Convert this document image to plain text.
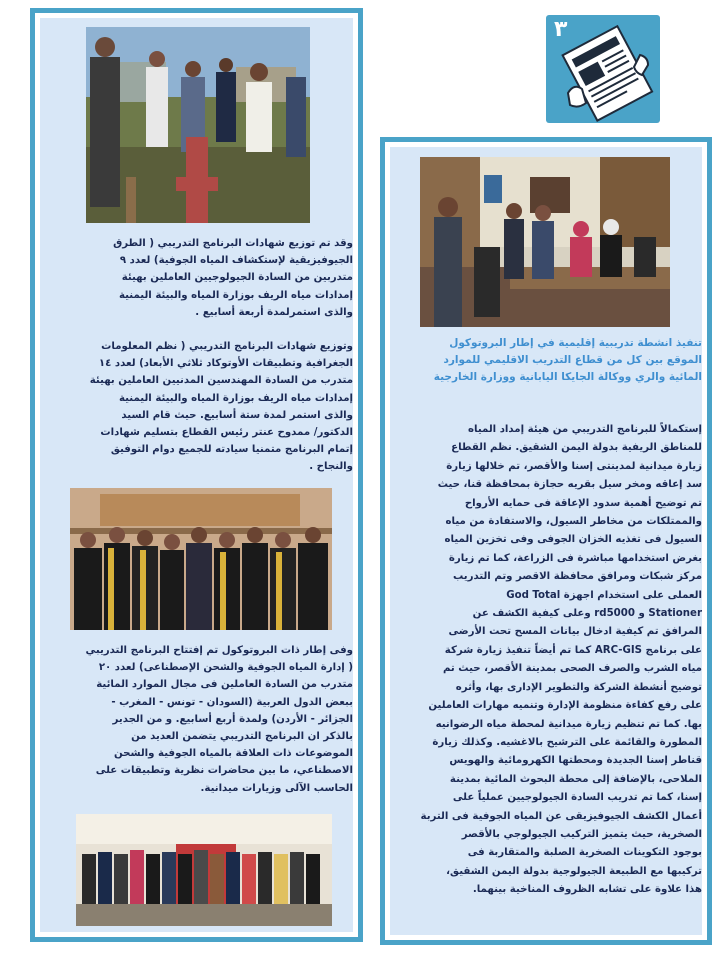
٣
وقد تم توزيع شهادات البرنامج التدريبي ( الطرق
الجيوفيزيقية لإستكشاف المياه الجوفية) لعدد ٩
متدربين من السادة الجيولوجيين العاملين بهيئة
إمدادات مياه الريف بوزارة المياه والبيئة اليمنية
والذى استمرلمدة أربعة أسابيع .
وتوزيع شهادات البرنامج التدريبي ( نظم المعلومات
الجغرافية وتطبيقات الأوتوكاد ثلاثي الأبعاد) لعدد ١٤
متدرب من السادة المهندسين المدنيين العاملين بهيئة
إمدادات مياه الريف بوزارة المياه والبيئة اليمنية
والذى استمر لمدة ستة أسابيع. حيث قام السيد
الدكتور/ ممدوح عنتر رئيس القطاع بتسليم شهادات
إتمام البرنامج متمنيا سيادته للجميع دوام التوفيق
والنجاح .
وفى إطار ذات البروتوكول تم إفتتاح البرنامج التدريبي
( إدارة المياه الجوفية والشحن الإصطناعى) لعدد ٢٠
متدرب من السادة العاملين فى مجال الموارد المائية
ببعض الدول العربية (السودان - تونس - المغرب -
الجزائر - الأردن) ولمدة أربع أسابيع. و من الجدير
بالذكر ان البرنامج التدريبي يتضمن العديد من
الموضوعات ذات العلاقة بالمياه الجوفية والشحن
الاصطناعي، ما بين محاضرات نظرية وتطبيقات على
الحاسب الآلى وزيارات ميدانية.
تنفيذ انشطة تدريبية إقليمية في إطار البروتوكول
الموقع بين كل من قطاع التدريب الاقليمي للموارد
المائية والري ووكالة الجايكا اليابانية ووزارة الخارجية
إستكمالاً للبرنامج التدريبي من هيئة إمداد المياه
للمناطق الريفية بدولة اليمن الشقيق. نظم القطاع
زيارة ميدانية لمدينتى إسنا والأقصر، تم خلالها زيارة
سد إعاقه ومخر سيل بقريه حجازة بمحافظة قنا، حيث
تم توضيح أهمية سدود الإعاقة فى حمايه الأرواح
والممتلكات من مخاطر السيول، والاستفادة من مياه
السيول فى تغذيه الخزان الجوفى وفى تخزين المياه
بغرض استخدامها مباشرة فى الزراعة، كما تم زيارة
مركز شبكات ومرافق محافظة الاقصر وتم التدريب
العملى على استخدام اجهزة God Total
Stationer و rd5000 وعلى كيفية الكشف عن
المرافق تم كيفية ادخال بيانات المسح تحت الأرضى
على برنامج ARC-GIS كما تم أيضاً تنفيذ زيارة شركة
مياه الشرب والصرف الصحى بمدينة الأقصر، حيث تم
توضيح أنشطة الشركة والتطوير الإدارى بها، وأثره
على رفع كفاءة منظومة الإدارة وتنميه مهارات العاملين
بها. كما تم تنظيم زيارة ميدانية لمحطة مياه الرضوانيه
المطورة والقائمة على الترشيح بالاغشيه. وكذلك زيارة
قناطر إسنا الجديدة ومحطتها الكهرومائية والهويس
الملاحى، بالإضافة إلى محطة البحوث المائية بمدينة
إسنا، كما تم تدريب السادة الجيولوجيين عملياً على
أعمال الكشف الجيوفيزيقى عن المياه الجوفية فى التربة
الصخرية، حيث يتميز التركيب الجيولوجي بالأقصر
بوجود التكوينات الصخرية الصلبة والمتقاربة فى
تركيبها مع الطبيعة الجيولوجية بدولة اليمن الشقيق،
هذا علاوة على تشابه الظروف المناخية بينهما.
